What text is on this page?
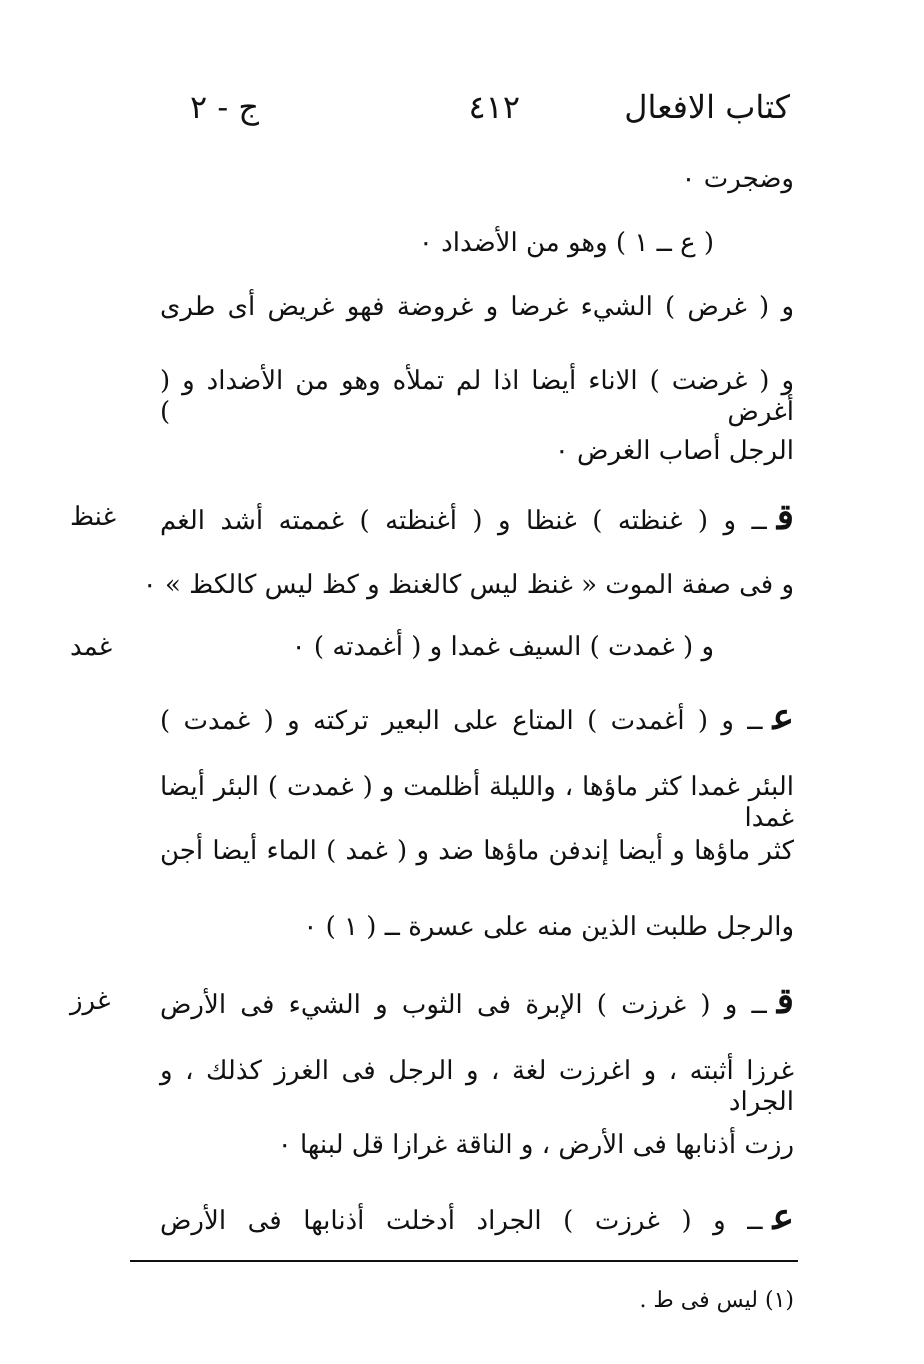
كتاب الافعال
٤١٢
ج - ٢
وضجرت ٠
( ع ــ ١ ) وهو من الأضداد ٠
و ( غرض ) الشيء غرضا و غروضة فهو غريض أى طرى
و ( غرضت ) الاناء أيضا اذا لم تملأه وهو من الأضداد و ( أغرض )
الرجل أصاب الغرض ٠
غنظ	قــ و ( غنظته ) غنظا و ( أغنظته ) غممته أشد الغم
و فى صفة الموت « غنظ ليس كالغنظ و كظ ليس كالكظ » ٠
غمد	و ( غمدت ) السيف غمدا و ( أغمدته ) ٠
عــ و ( أغمدت ) المتاع على البعير تركته و ( غمدت )
البئر غمدا كثر ماؤها ، والليلة أظلمت و ( غمدت ) البئر أيضا غمدا
كثر ماؤها و أيضا إندفن ماؤها ضد و ( غمد ) الماء أيضا أجن
والرجل طلبت الذين منه على عسرة ــ ( ١ ) ٠
غرز	قــ و ( غرزت ) الإبرة فى الثوب و الشيء فى الأرض
غرزا أثبته ، و اغرزت لغة ، و الرجل فى الغرز كذلك ، و الجراد
رزت أذنابها فى الأرض ، و الناقة غرازا قل لبنها ٠
عــ و ( غرزت ) الجراد أدخلت أذنابها فى الأرض
(١) ليس فى ط .
